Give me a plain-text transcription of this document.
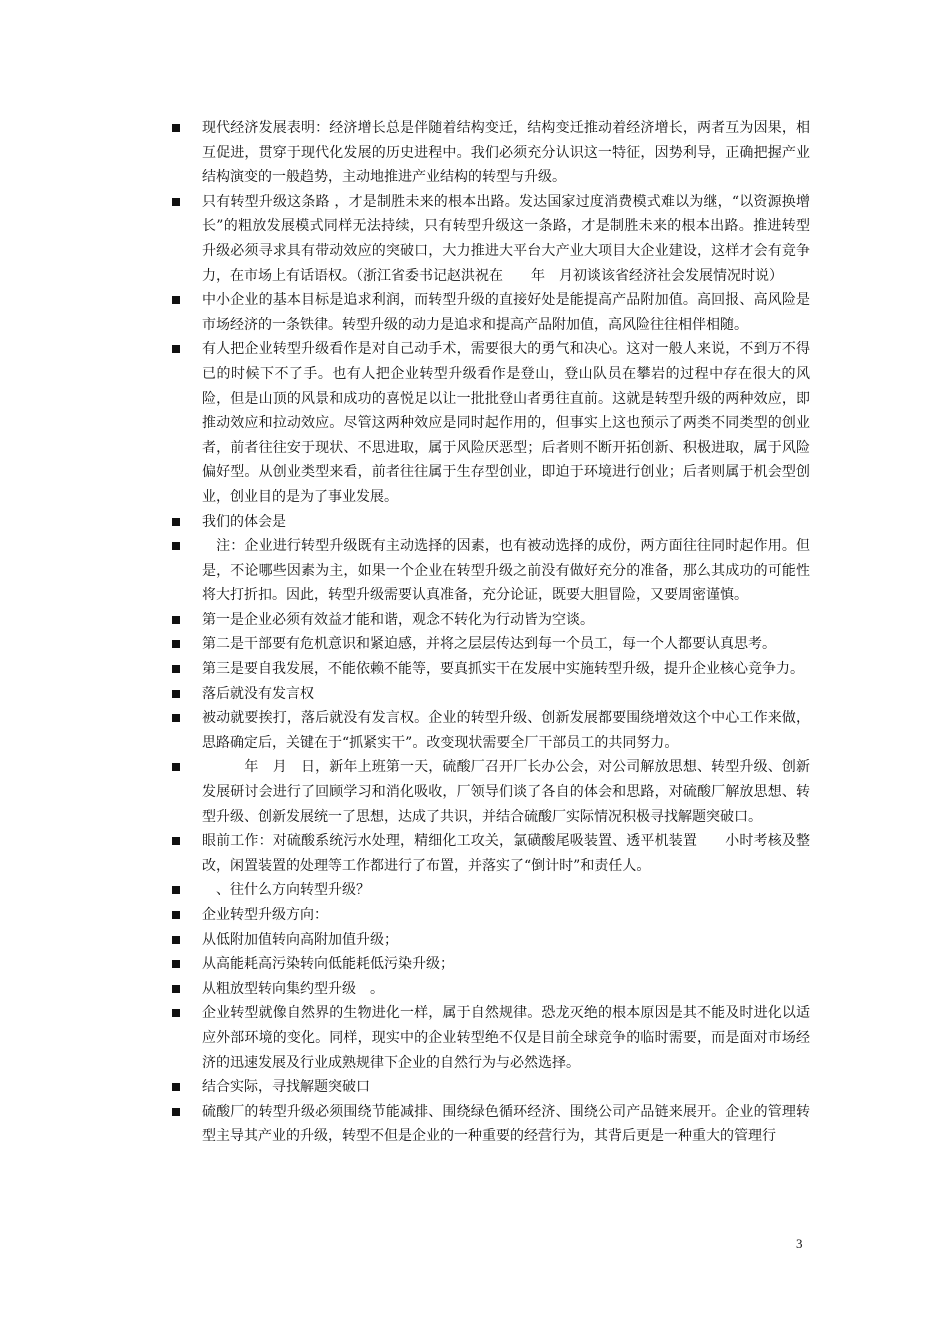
现代经济发展表明：经济增长总是伴随着结构变迁，结构变迁推动着经济增长，两者互为因果，相互促进，贯穿于现代化发展的历史进程中。我们必须充分认识这一特征，因势利导，正确把握产业结构演变的一般趋势，主动地推进产业结构的转型与升级。

只有转型升级这条路 ，才是制胜未来的根本出路。发达国家过度消费模式难以为继，“以资源换增长”的粗放发展模式同样无法持续，只有转型升级这一条路，才是制胜未来的根本出路。推进转型升级必须寻求具有带动效应的突破口，大力推进大平台大产业大项目大企业建设，这样才会有竞争力，在市场上有话语权。（浙江省委书记赵洪祝在　　年　月初谈该省经济社会发展情况时说）

中小企业的基本目标是追求利润，而转型升级的直接好处是能提高产品附加值。高回报、高风险是市场经济的一条铁律。转型升级的动力是追求和提高产品附加值，高风险往往相伴相随。

有人把企业转型升级看作是对自己动手术，需要很大的勇气和决心。这对一般人来说，不到万不得已的时候下不了手。也有人把企业转型升级看作是登山，登山队员在攀岩的过程中存在很大的风险，但是山顶的风景和成功的喜悦足以让一批批登山者勇往直前。这就是转型升级的两种效应，即推动效应和拉动效应。尽管这两种效应是同时起作用的，但事实上这也预示了两类不同类型的创业者，前者往往安于现状、不思进取，属于风险厌恶型；后者则不断开拓创新、积极进取，属于风险偏好型。从创业类型来看，前者往往属于生存型创业，即迫于环境进行创业；后者则属于机会型创业，创业目的是为了事业发展。

我们的体会是

　注：企业进行转型升级既有主动选择的因素，也有被动选择的成份，两方面往往同时起作用。但是，不论哪些因素为主，如果一个企业在转型升级之前没有做好充分的准备，那么其成功的可能性将大打折扣。因此，转型升级需要认真准备，充分论证，既要大胆冒险，又要周密谨慎。

第一是企业必须有效益才能和谐，观念不转化为行动皆为空谈。

第二是干部要有危机意识和紧迫感，并将之层层传达到每一个员工，每一个人都要认真思考。

第三是要自我发展，不能依赖不能等，要真抓实干在发展中实施转型升级，提升企业核心竞争力。

落后就没有发言权

被动就要挨打，落后就没有发言权。企业的转型升级、创新发展都要围绕增效这个中心工作来做，思路确定后，关键在于“抓紧实干”。改变现状需要全厂干部员工的共同努力。

　　　年　月　日，新年上班第一天，硫酸厂召开厂长办公会，对公司解放思想、转型升级、创新发展研讨会进行了回顾学习和消化吸收，厂领导们谈了各自的体会和思路，对硫酸厂解放思想、转型升级、创新发展统一了思想，达成了共识，并结合硫酸厂实际情况积极寻找解题突破口。

眼前工作：对硫酸系统污水处理，精细化工攻关，氯磺酸尾吸装置、透平机装置　　小时考核及整改，闲置装置的处理等工作都进行了布置，并落实了“倒计时”和责任人。

　、往什么方向转型升级？

企业转型升级方向：

从低附加值转向高附加值升级；

从高能耗高污染转向低能耗低污染升级；

从粗放型转向集约型升级　。

企业转型就像自然界的生物进化一样，属于自然规律。恐龙灭绝的根本原因是其不能及时进化以适应外部环境的变化。同样，现实中的企业转型绝不仅是目前全球竞争的临时需要，而是面对市场经济的迅速发展及行业成熟规律下企业的自然行为与必然选择。

结合实际，寻找解题突破口

硫酸厂的转型升级必须围绕节能减排、围绕绿色循环经济、围绕公司产品链来展开。企业的管理转型主导其产业的升级，转型不但是企业的一种重要的经营行为，其背后更是一种重大的管理行

3
